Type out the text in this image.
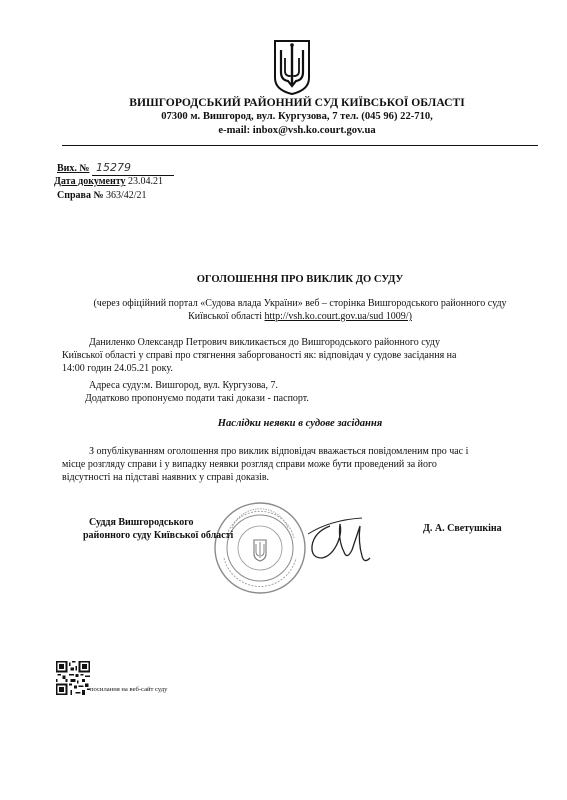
ВИШГОРОДСЬКИЙ РАЙОННИЙ СУД КИЇВСЬКОЇ ОБЛАСТІ
07300 м. Вишгород, вул. Кургузова, 7 тел. (045 96) 22-710,
e-mail: inbox@vsh.ko.court.gov.ua
Вих. № 15279
Дата документу 23.04.21
Справа № 363/42/21
ОГОЛОШЕННЯ ПРО ВИКЛИК ДО СУДУ
(через офіційний портал «Судова влада України» веб – сторінка Вишгородського районного суду
Київської області http://vsh.ko.court.gov.ua/sud 1009/)
Даниленко Олександр Петрович викликається до Вишгородського районного суду
Київської області у справі про стягнення заборгованості як: відповідач у судове засідання на
14:00 годин 24.05.21 року.
Адреса суду:м. Вишгород, вул. Кургузова, 7.
Додатково пропонуємо подати такі докази - паспорт.
Наслідки неявки в судове засідання
З опублікуванням оголошення про виклик відповідач вважається повідомленим про час і
місце розгляду справи і у випадку неявки розгляд справи може бути проведений за його
відсутності на підставі наявних у справі доказів.
Суддя Вишгородського
районного суду Київської області
Д. А. Светушкіна
посилання на веб-сайт суду
